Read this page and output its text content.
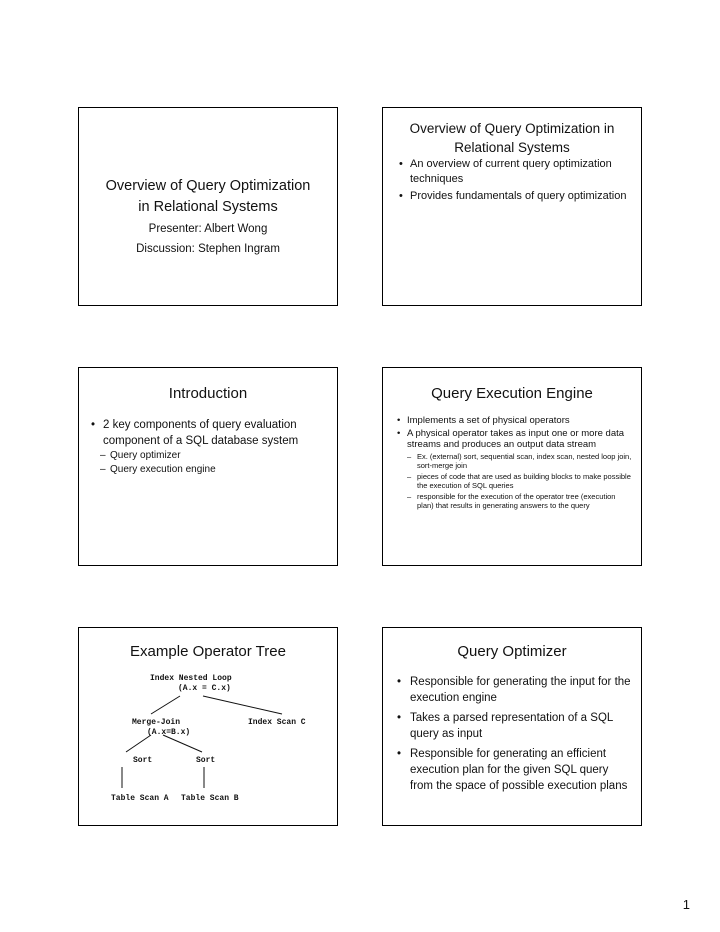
Overview of Query Optimization
in Relational Systems
Presenter: Albert Wong
Discussion: Stephen Ingram
Overview of Query Optimization in
Relational Systems
• An overview of current query optimization techniques
• Provides fundamentals of query optimization
Introduction
• 2 key components of query evaluation component of a SQL database system
– Query optimizer
– Query execution engine
Query Execution Engine
• Implements a set of physical operators
• A physical operator takes as input one or more data streams and produces an output data stream
– Ex. (external) sort, sequential scan, index scan, nested loop join, sort-merge join
– pieces of code that are used as building blocks to make possible the execution of SQL queries
– responsible for the execution of the operator tree (execution plan) that results in generating answers to the query
Example Operator Tree
Index Nested Loop
(A.x = C.x)
Merge-Join
(A.x=B.x)
Index Scan C
Sort	Sort
Table Scan A Table Scan B
Query Optimizer
• Responsible for generating the input for the execution engine
• Takes a parsed representation of a SQL query as input
• Responsible for generating an efficient execution plan for the given SQL query from the space of possible execution plans
1
